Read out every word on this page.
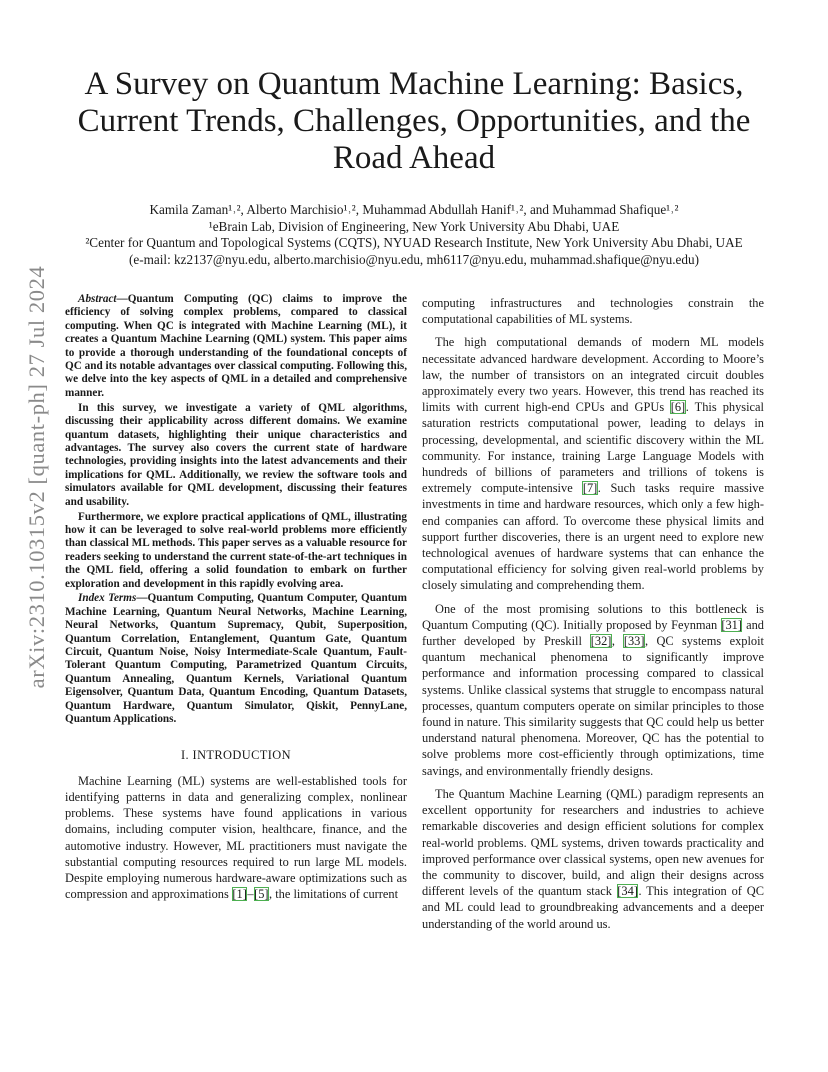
A Survey on Quantum Machine Learning: Basics, Current Trends, Challenges, Opportunities, and the Road Ahead
Kamila Zaman¹˒², Alberto Marchisio¹˒², Muhammad Abdullah Hanif¹˒², and Muhammad Shafique¹˒²
¹eBrain Lab, Division of Engineering, New York University Abu Dhabi, UAE
²Center for Quantum and Topological Systems (CQTS), NYUAD Research Institute, New York University Abu Dhabi, UAE
(e-mail: kz2137@nyu.edu, alberto.marchisio@nyu.edu, mh6117@nyu.edu, muhammad.shafique@nyu.edu)
arXiv:2310.10315v2 [quant-ph] 27 Jul 2024	Abstract—Quantum Computing (QC) claims to improve the efficiency of solving complex problems, compared to classical computing. When QC is integrated with Machine Learning (ML), it creates a Quantum Machine Learning (QML) system. This paper aims to provide a thorough understanding of the foundational concepts of QC and its notable advantages over classical computing. Following this, we delve into the key aspects of QML in a detailed and comprehensive manner.

In this survey, we investigate a variety of QML algorithms, discussing their applicability across different domains. We examine quantum datasets, highlighting their unique characteristics and advantages. The survey also covers the current state of hardware technologies, providing insights into the latest advancements and their implications for QML. Additionally, we review the software tools and simulators available for QML development, discussing their features and usability.

Furthermore, we explore practical applications of QML, illustrating how it can be leveraged to solve real-world problems more efficiently than classical ML methods. This paper serves as a valuable resource for readers seeking to understand the current state-of-the-art techniques in the QML field, offering a solid foundation to embark on further exploration and development in this rapidly evolving area.

Index Terms—Quantum Computing, Quantum Computer, Quantum Machine Learning, Quantum Neural Networks, Machine Learning, Neural Networks, Quantum Supremacy, Qubit, Superposition, Quantum Correlation, Entanglement, Quantum Gate, Quantum Circuit, Quantum Noise, Noisy Intermediate-Scale Quantum, Fault-Tolerant Quantum Computing, Parametrized Quantum Circuits, Quantum Annealing, Quantum Kernels, Variational Quantum Eigensolver, Quantum Data, Quantum Encoding, Quantum Datasets, Quantum Hardware, Quantum Simulator, Qiskit, PennyLane, Quantum Applications.

I. INTRODUCTION

Machine Learning (ML) systems are well-established tools for identifying patterns in data and generalizing complex, nonlinear problems. These systems have found applications in various domains, including computer vision, healthcare, finance, and the automotive industry. However, ML practitioners must navigate the substantial computing resources required to run large ML models. Despite employing numerous hardware-aware optimizations such as compression and approximations [1]–[5], the limitations of current

computing infrastructures and technologies constrain the computational capabilities of ML systems.

The high computational demands of modern ML models necessitate advanced hardware development. According to Moore’s law, the number of transistors on an integrated circuit doubles approximately every two years. However, this trend has reached its limits with current high-end CPUs and GPUs [6]. This physical saturation restricts computational power, leading to delays in processing, developmental, and scientific discovery within the ML community. For instance, training Large Language Models with hundreds of billions of parameters and trillions of tokens is extremely compute-intensive [7]. Such tasks require massive investments in time and hardware resources, which only a few high-end companies can afford. To overcome these physical limits and support further discoveries, there is an urgent need to explore new technological avenues of hardware systems that can enhance the computational efficiency for solving given real-world problems by closely simulating and comprehending them.

One of the most promising solutions to this bottleneck is Quantum Computing (QC). Initially proposed by Feynman [31] and further developed by Preskill [32], [33], QC systems exploit quantum mechanical phenomena to significantly improve performance and information processing compared to classical systems. Unlike classical systems that struggle to encompass natural processes, quantum computers operate on similar principles to those found in nature. This similarity suggests that QC could help us better understand natural phenomena. Moreover, QC has the potential to solve problems more cost-efficiently through optimizations, time savings, and environmentally friendly designs.

The Quantum Machine Learning (QML) paradigm represents an excellent opportunity for researchers and industries to achieve remarkable discoveries and design efficient solutions for complex real-world problems. QML systems, driven towards practicality and improved performance over classical systems, open new avenues for the community to discover, build, and align their designs across different levels of the quantum stack [34]. This integration of QC and ML could lead to groundbreaking advancements and a deeper understanding of the world around us.
